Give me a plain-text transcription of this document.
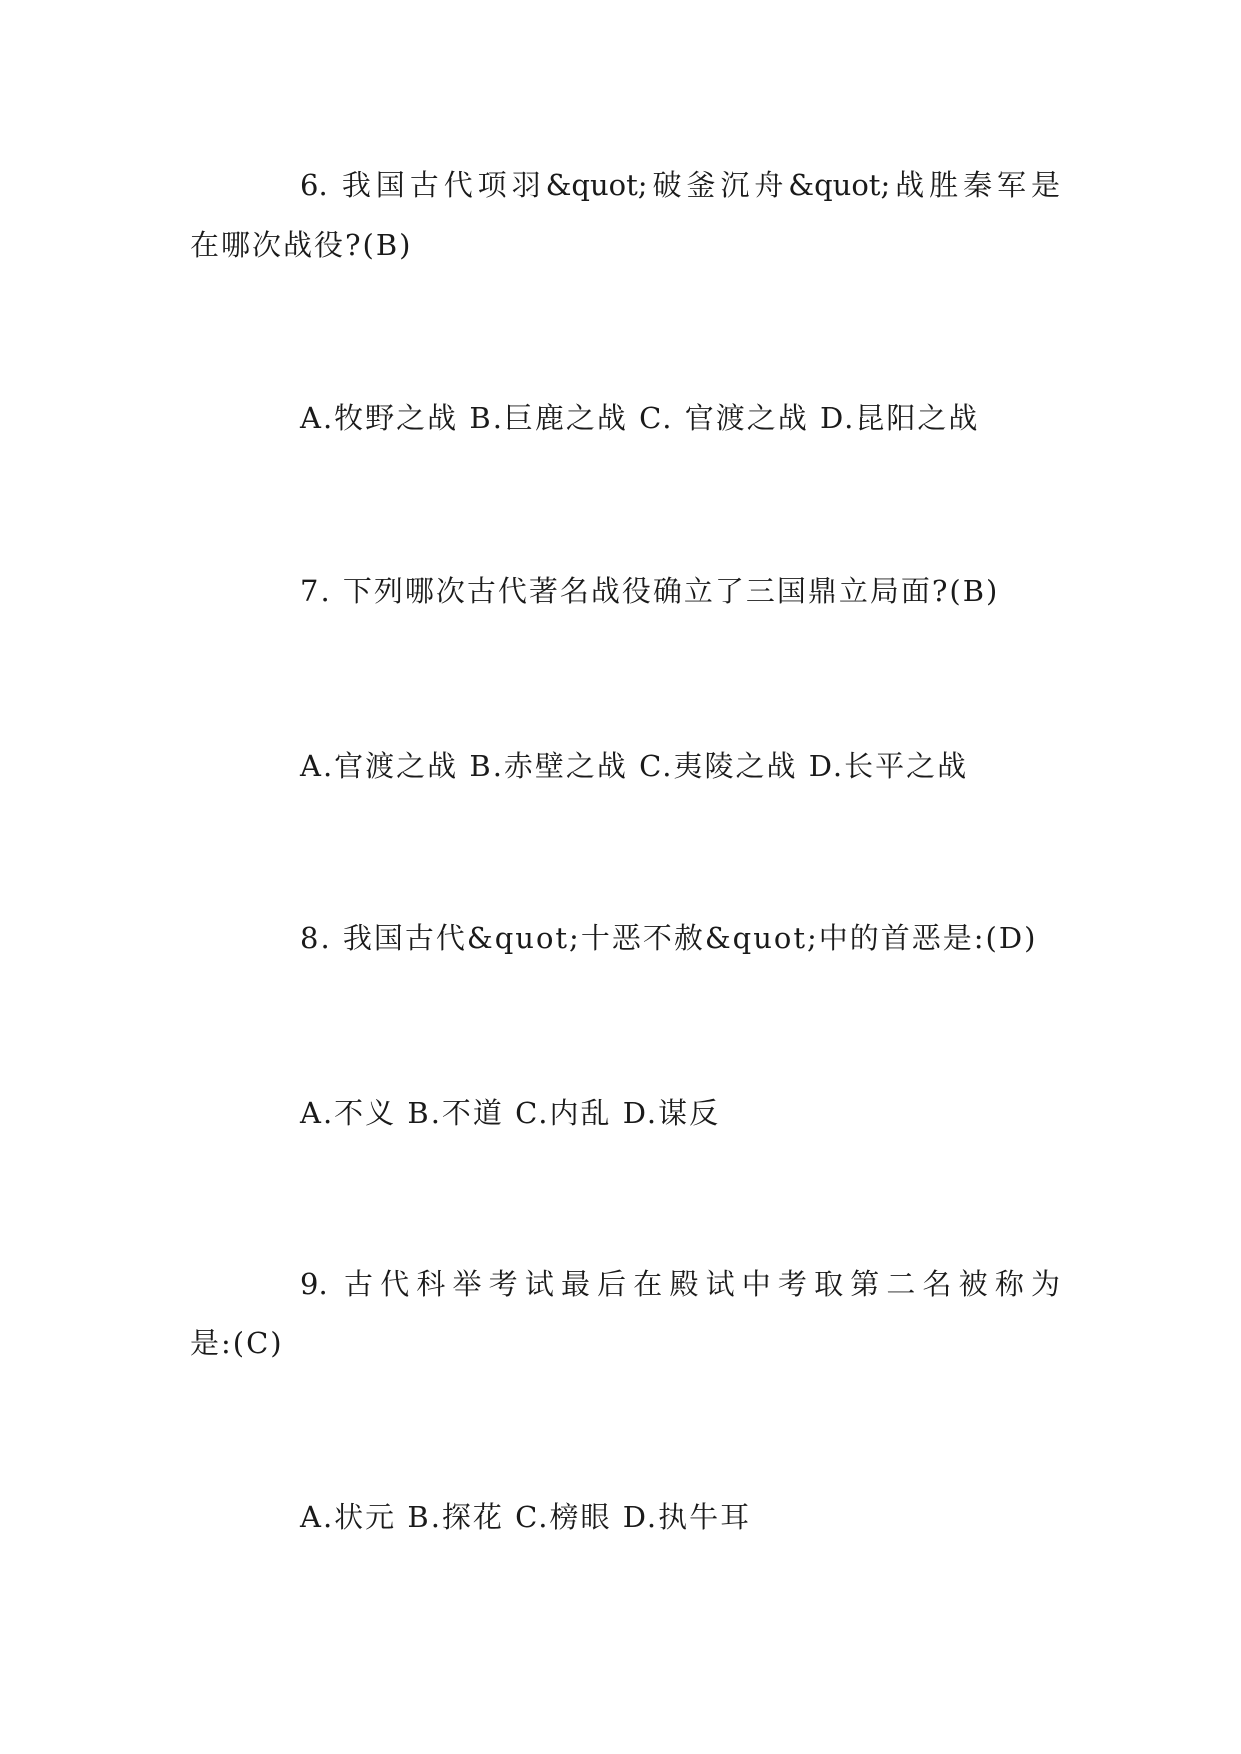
6. 我国古代项羽&quot;破釜沉舟&quot;战胜秦军是
在哪次战役?(B)
A.牧野之战 B.巨鹿之战 C. 官渡之战 D.昆阳之战
7. 下列哪次古代著名战役确立了三国鼎立局面?(B)
A.官渡之战 B.赤壁之战 C.夷陵之战 D.长平之战
8. 我国古代&quot;十恶不赦&quot;中的首恶是:(D)
A.不义 B.不道 C.内乱 D.谋反
9. 古代科举考试最后在殿试中考取第二名被称为
是:(C)
A.状元 B.探花 C.榜眼 D.执牛耳
